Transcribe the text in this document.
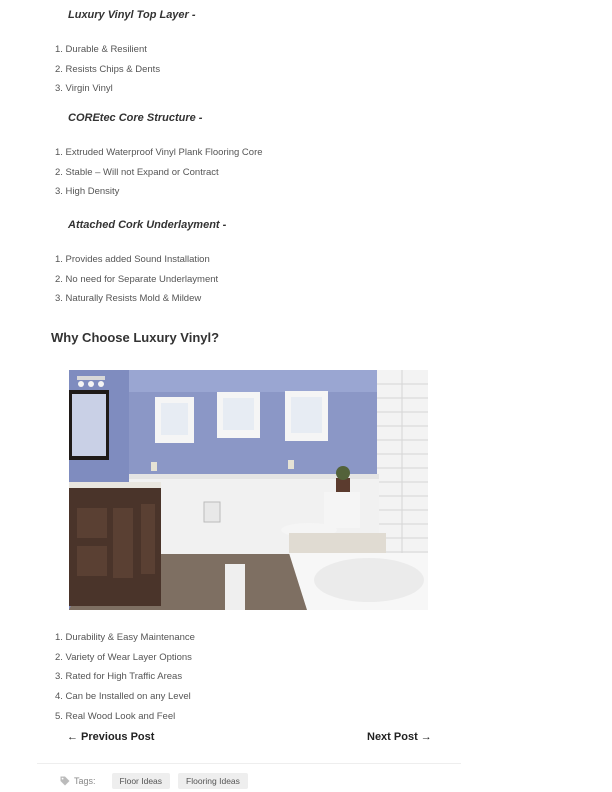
Luxury Vinyl Top Layer -
1. Durable & Resilient
2. Resists Chips & Dents
3. Virgin Vinyl
COREtec Core Structure -
1. Extruded Waterproof Vinyl Plank Flooring Core
2. Stable – Will not Expand or Contract
3. High Density
Attached Cork Underlayment -
1. Provides added Sound Installation
2. No need for Separate Underlayment
3. Naturally Resists Mold & Mildew
Why Choose Luxury Vinyl?
1. Durability & Easy Maintenance
2. Variety of Wear Layer Options
3. Rated for High Traffic Areas
4. Can be Installed on any Level
5. Real Wood Look and Feel
← Previous Post	Next Post →
Tags:	Floor Ideas	Flooring Ideas
